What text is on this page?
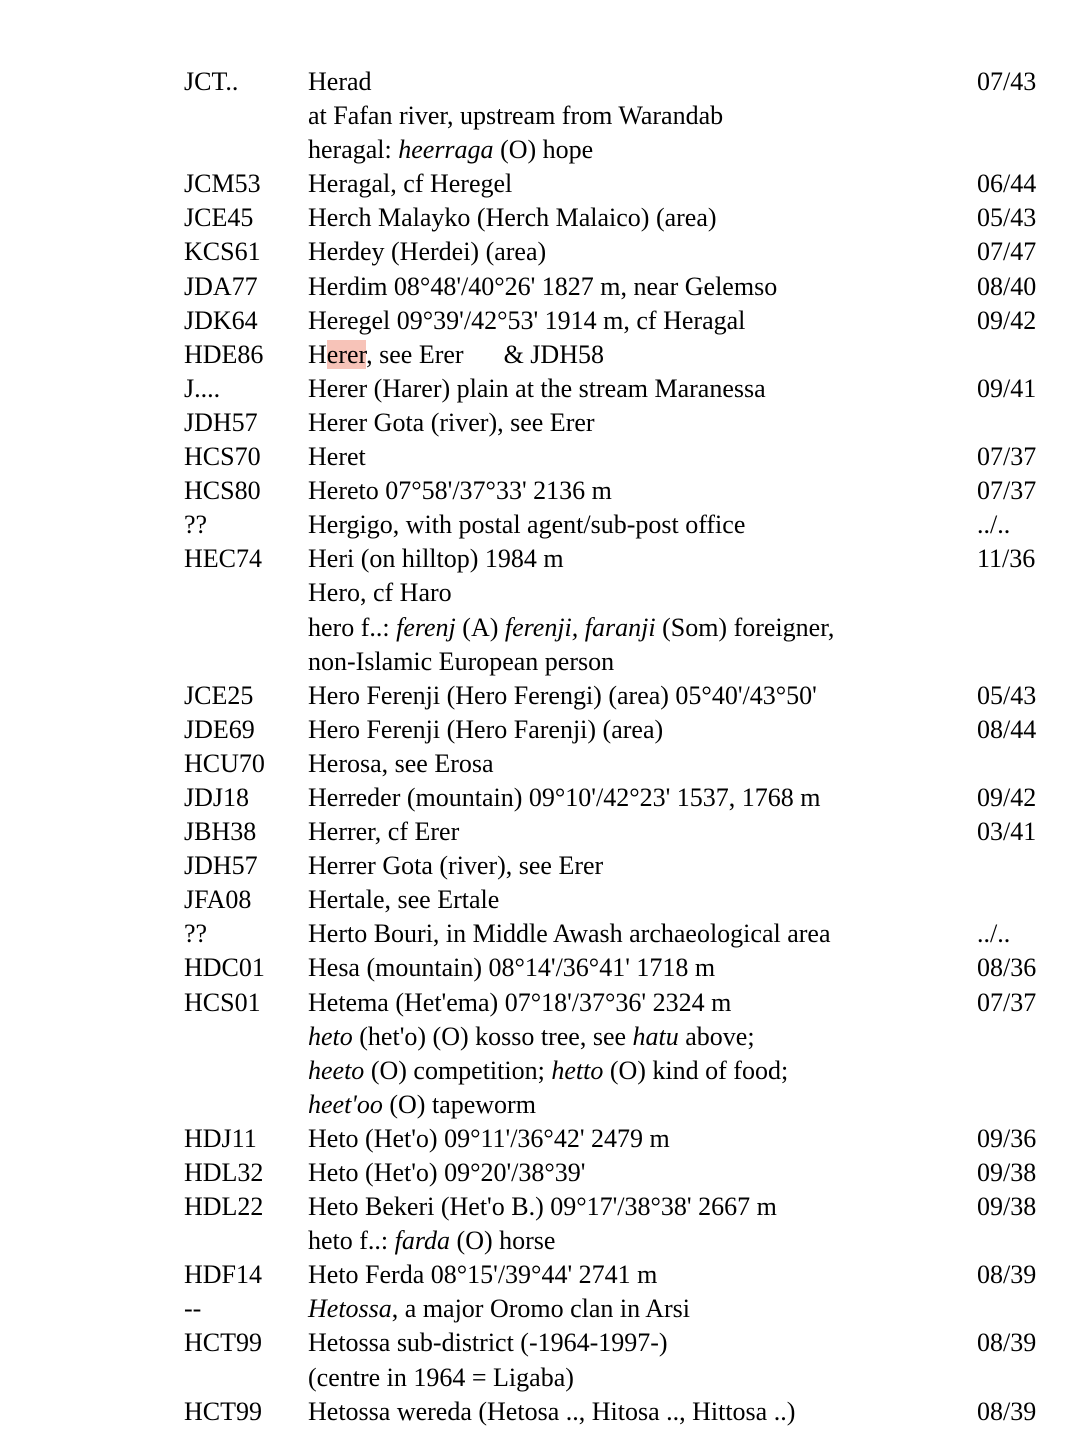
JCT..	Herad	07/43
at Fafan river, upstream from Warandab
heragal: heerraga (O) hope
JCM53 Heragal, cf Heregel	06/44
JCE45 Herch Malayko (Herch Malaico) (area)	05/43
KCS61 Herdey (Herdei) (area)	07/47
JDA77 Herdim 08°48'/40°26' 1827 m, near Gelemso	08/40
JDK64 Heregel 09°39'/42°53' 1914 m, cf Heragal	09/42
HDE86 Herer, see Erer & JDH58
J....	Herer (Harer) plain at the stream Maranessa	09/41
JDH57 Herer Gota (river), see Erer
HCS70 Heret	07/37
HCS80 Hereto 07°58'/37°33' 2136 m	07/37
??	Hergigo, with postal agent/sub-post office	../..
HEC74 Heri (on hilltop) 1984 m	11/36
Hero, cf Haro
hero f..: ferenj (A) ferenji, faranji (Som) foreigner,
non-Islamic European person
JCE25 Hero Ferenji (Hero Ferengi) (area) 05°40'/43°50'	05/43
JDE69 Hero Ferenji (Hero Farenji) (area)	08/44
HCU70 Herosa, see Erosa
JDJ18 Herreder (mountain) 09°10'/42°23' 1537, 1768 m	09/42
JBH38 Herrer, cf Erer	03/41
JDH57 Herrer Gota (river), see Erer
JFA08 Hertale, see Ertale
??	Herto Bouri, in Middle Awash archaeological area	../..
HDC01 Hesa (mountain) 08°14'/36°41' 1718 m	08/36
HCS01 Hetema (Het'ema) 07°18'/37°36' 2324 m	07/37
heto (het'o) (O) kosso tree, see hatu above;
heeto (O) competition; hetto (O) kind of food;
heet'oo (O) tapeworm
HDJ11 Heto (Het'o) 09°11'/36°42' 2479 m	09/36
HDL32 Heto (Het'o) 09°20'/38°39'	09/38
HDL22 Heto Bekeri (Het'o B.) 09°17'/38°38' 2667 m	09/38
heto f..: farda (O) horse
HDF14 Heto Ferda 08°15'/39°44' 2741 m	08/39
--	Hetossa, a major Oromo clan in Arsi
HCT99 Hetossa sub-district (-1964-1997-)	08/39
(centre in 1964 = Ligaba)
HCT99 Hetossa wereda (Hetosa .., Hitosa .., Hittosa ..)	08/39
